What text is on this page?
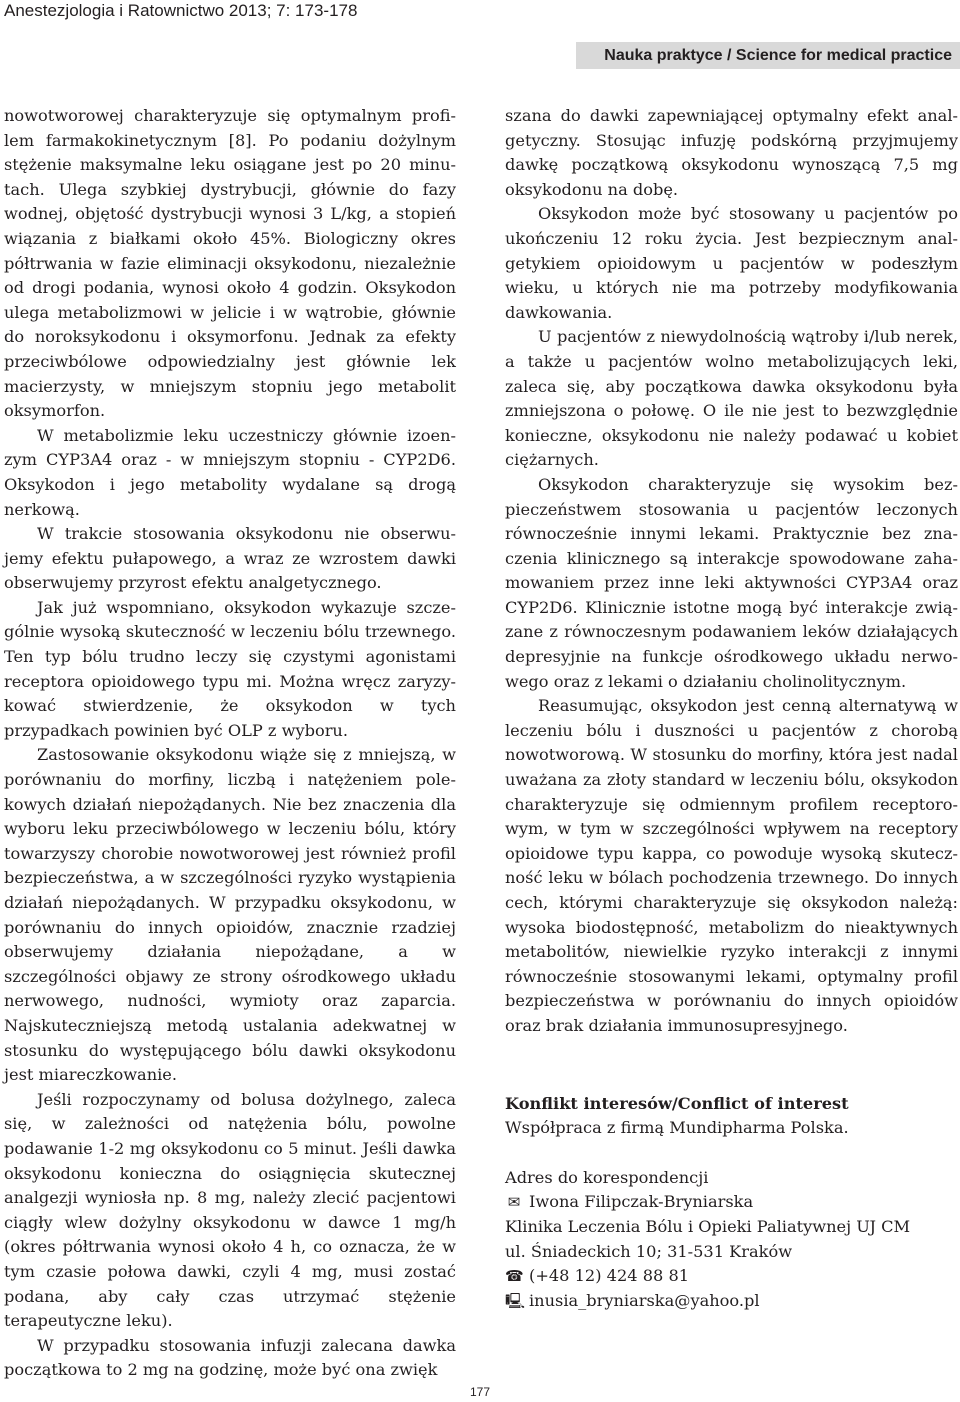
Anestezjologia i Ratownictwo 2013; 7: 173-178
Nauka praktyce / Science for medical practice

nowotworowej charakteryzuje się optymalnym profilem farmakokinetycznym [8]. Po podaniu dożylnym stężenie maksymalne leku osiągane jest po 20 minutach. Ulega szybkiej dystrybucji, głównie do fazy wodnej, objętość dystrybucji wynosi 3 L/kg, a stopień wiązania z białkami około 45%. Biologiczny okres półtrwania w fazie eliminacji oksykodonu, niezależnie od drogi podania, wynosi około 4 godzin. Oksykodon ulega metabolizmowi w jelicie i w wątrobie, głównie do noroksykodonu i oksymorfonu. Jednak za efekty przeciwbólowe odpowiedzialny jest głównie lek macierzysty, w mniejszym stopniu jego metabolit oksymorfon.

W metabolizmie leku uczestniczy głównie izoenzym CYP3A4 oraz - w mniejszym stopniu - CYP2D6. Oksykodon i jego metabolity wydalane są drogą nerkową.

W trakcie stosowania oksykodonu nie obserwujemy efektu pułapowego, a wraz ze wzrostem dawki obserwujemy przyrost efektu analgetycznego.

Jak już wspomniano, oksykodon wykazuje szczególnie wysoką skuteczność w leczeniu bólu trzewnego. Ten typ bólu trudno leczy się czystymi agonistami receptora opioidowego typu mi. Można wręcz zaryzykować stwierdzenie, że oksykodon w tych przypadkach powinien być OLP z wyboru.

Zastosowanie oksykodonu wiąże się z mniejszą, w porównaniu do morfiny, liczbą i natężeniem polekowych działań niepożądanych. Nie bez znaczenia dla wyboru leku przeciwbólowego w leczeniu bólu, który towarzyszy chorobie nowotworowej jest również profil bezpieczeństwa, a w szczególności ryzyko wystąpienia działań niepożądanych. W przypadku oksykodonu, w porównaniu do innych opioidów, znacznie rzadziej obserwujemy działania niepożądane, a w szczególności objawy ze strony ośrodkowego układu nerwowego, nudności, wymioty oraz zaparcia. Najskuteczniejszą metodą ustalania adekwatnej w stosunku do występującego bólu dawki oksykodonu jest miareczkowanie.

Jeśli rozpoczynamy od bolusa dożylnego, zaleca się, w zależności od natężenia bólu, powolne podawanie 1-2 mg oksykodonu co 5 minut. Jeśli dawka oksykodonu konieczna do osiągnięcia skutecznej analgezji wyniosła np. 8 mg, należy zlecić pacjentowi ciągły wlew dożylny oksykodonu w dawce 1 mg/h (okres półtrwania wynosi około 4 h, co oznacza, że w tym czasie połowa dawki, czyli 4 mg, musi zostać podana, aby cały czas utrzymać stężenie terapeutyczne leku).

W przypadku stosowania infuzji zalecana dawka początkowa to 2 mg na godzinę, może być ona zwięk

szana do dawki zapewniającej optymalny efekt analgetyczny. Stosując infuzję podskórną przyjmujemy dawkę początkową oksykodonu wynoszącą 7,5 mg oksykodonu na dobę.

Oksykodon może być stosowany u pacjentów po ukończeniu 12 roku życia. Jest bezpiecznym analgetykiem opioidowym u pacjentów w podeszłym wieku, u których nie ma potrzeby modyfikowania dawkowania.

U pacjentów z niewydolnością wątroby i/lub nerek, a także u pacjentów wolno metabolizujących leki, zaleca się, aby początkowa dawka oksykodonu była zmniejszona o połowę. O ile nie jest to bezwzględnie konieczne, oksykodonu nie należy podawać u kobiet ciężarnych.

Oksykodon charakteryzuje się wysokim bezpieczeństwem stosowania u pacjentów leczonych równocześnie innymi lekami. Praktycznie bez znaczenia klinicznego są interakcje spowodowane zahamowaniem przez inne leki aktywności CYP3A4 oraz CYP2D6. Klinicznie istotne mogą być interakcje związane z równoczesnym podawaniem leków działających depresyjnie na funkcje ośrodkowego układu nerwowego oraz z lekami o działaniu cholinolitycznym.

Reasumując, oksykodon jest cenną alternatywą w leczeniu bólu i duszności u pacjentów z chorobą nowotworową. W stosunku do morfiny, która jest nadal uważana za złoty standard w leczeniu bólu, oksykodon charakteryzuje się odmiennym profilem receptorowym, w tym w szczególności wpływem na receptory opioidowe typu kappa, co powoduje wysoką skuteczność leku w bólach pochodzenia trzewnego. Do innych cech, którymi charakteryzuje się oksykodon należą: wysoka biodostępność, metabolizm do nieaktywnych metabolitów, niewielkie ryzyko interakcji z innymi równocześnie stosowanymi lekami, optymalny profil bezpieczeństwa w porównaniu do innych opioidów oraz brak działania immunosupresyjnego.

Konflikt interesów/Conflict of interest

Współpraca z firmą Mundipharma Polska.

Adres do korespondencji
✉ Iwona Filipczak-Bryniarska
Klinika Leczenia Bólu i Opieki Paliatywnej UJ CM
ul. Śniadeckich 10; 31-531 Kraków
☎ (+48 12) 424 88 81
🖳 inusia_bryniarska@yahoo.pl
177
